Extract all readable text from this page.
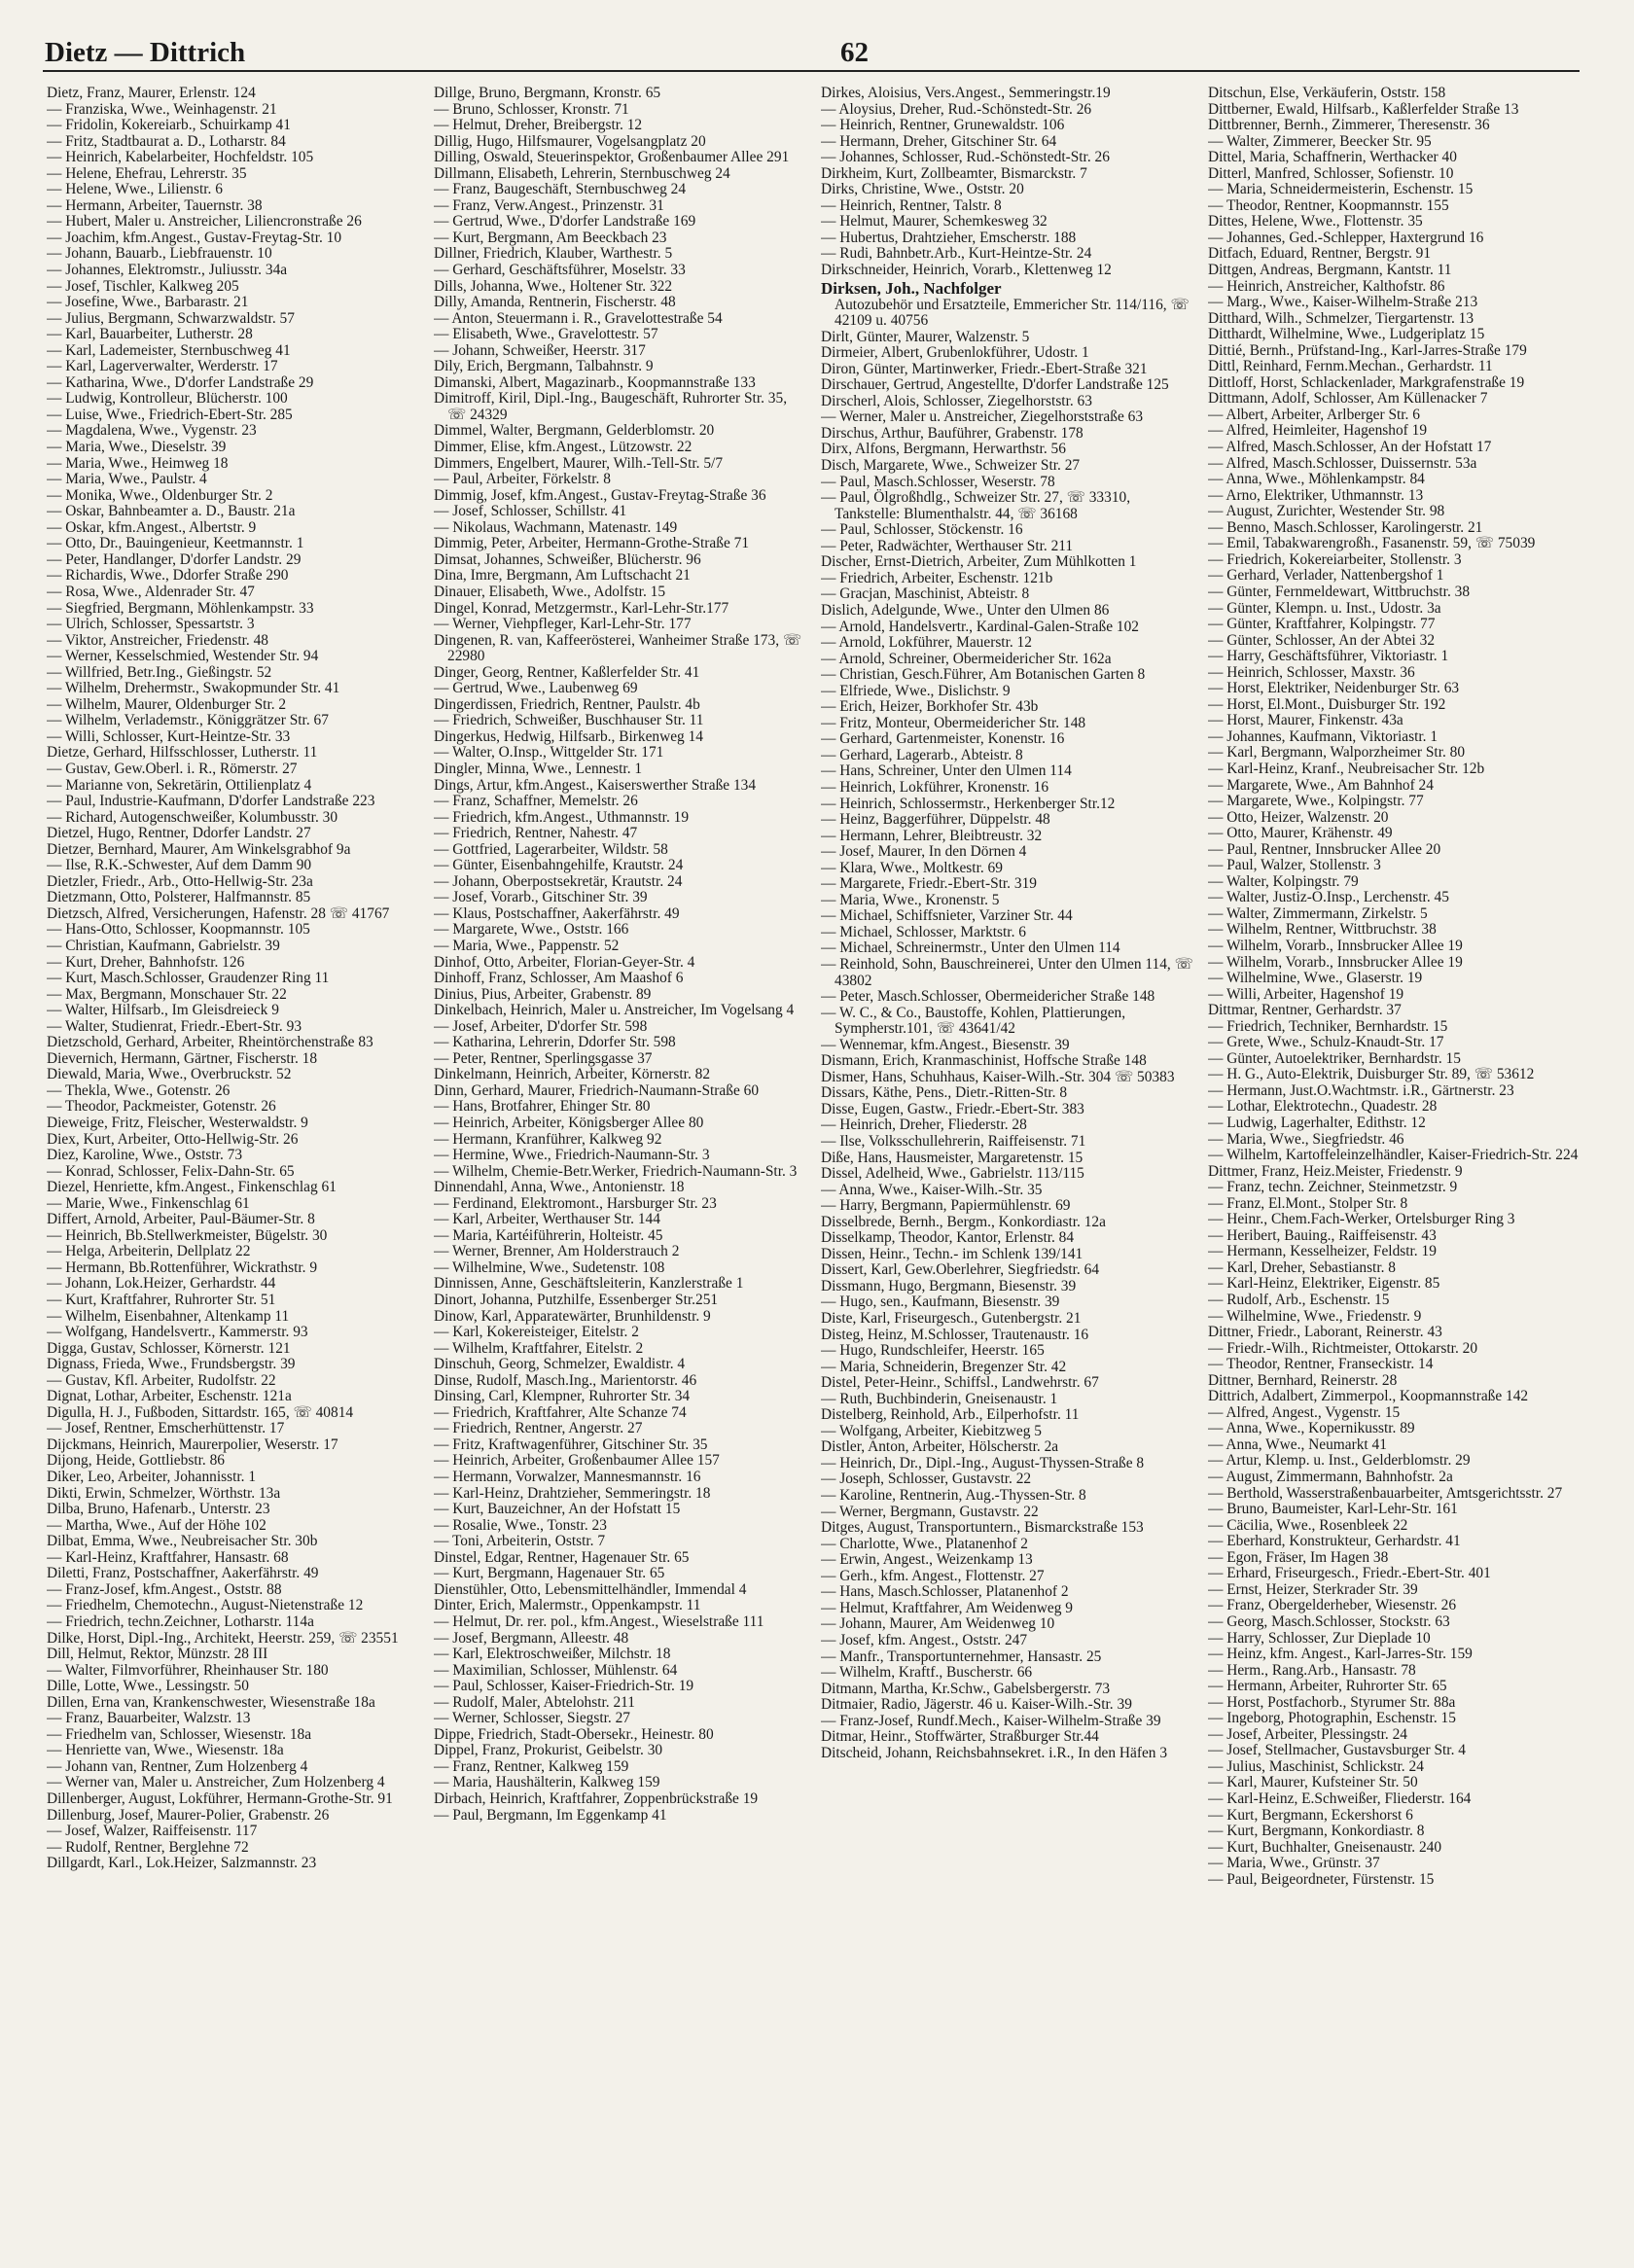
Dietz — Dittrich	62
Dietz, Franz, Maurer, Erlenstr. 124
— Franziska, Wwe., Weinhagenstr. 21
— Fridolin, Kokereiarb., Schuirkamp 41
— Fritz, Stadtbaurat a. D., Lotharstr. 84
— Heinrich, Kabelarbeiter, Hochfeldstr. 105
— Helene, Ehefrau, Lehrerstr. 35
— Helene, Wwe., Lilienstr. 6
— Hermann, Arbeiter, Tauernstr. 38
— Hubert, Maler u. Anstreicher, Liliencronstraße 26
— Joachim, kfm.Angest., Gustav-Freytag-Str. 10
— Johann, Bauarb., Liebfrauenstr. 10
— Johannes, Elektromstr., Juliusstr. 34a
— Josef, Tischler, Kalkweg 205
— Josefine, Wwe., Barbarastr. 21
— Julius, Bergmann, Schwarzwaldstr. 57
— Karl, Bauarbeiter, Lutherstr. 28
— Karl, Lademeister, Sternbuschweg 41
— Karl, Lagerverwalter, Werderstr. 17
— Katharina, Wwe., D'dorfer Landstraße 29
— Ludwig, Kontrolleur, Blücherstr. 100
— Luise, Wwe., Friedrich-Ebert-Str. 285
— Magdalena, Wwe., Vygenstr. 23
— Maria, Wwe., Dieselstr. 39
— Maria, Wwe., Heimweg 18
— Maria, Wwe., Paulstr. 4
— Monika, Wwe., Oldenburger Str. 2
— Oskar, Bahnbeamter a. D., Baustr. 21a
— Oskar, kfm.Angest., Albertstr. 9
— Otto, Dr., Bauingenieur, Keetmannstr. 1
— Peter, Handlanger, D'dorfer Landstr. 29
— Richardis, Wwe., Ddorfer Straße 290
— Rosa, Wwe., Aldenrader Str. 47
— Siegfried, Bergmann, Möhlenkampstr. 33
— Ulrich, Schlosser, Spessartstr. 3
— Viktor, Anstreicher, Friedenstr. 48
— Werner, Kesselschmied, Westender Str. 94
— Willfried, Betr.Ing., Gießingstr. 52
— Wilhelm, Drehermstr., Swakopmunder Str. 41
— Wilhelm, Maurer, Oldenburger Str. 2
— Wilhelm, Verlademstr., Königgrätzer Str. 67
— Willi, Schlosser, Kurt-Heintze-Str. 33
Dietze, Gerhard, Hilfsschlosser, Lutherstr. 11
— Gustav, Gew.Oberl. i. R., Römerstr. 27
— Marianne von, Sekretärin, Ottilienplatz 4
— Paul, Industrie-Kaufmann, D'dorfer Landstraße 223
— Richard, Autogenschweißer, Kolumbusstr. 30
Dietzel, Hugo, Rentner, Ddorfer Landstr. 27
Dietzer, Bernhard, Maurer, Am Winkelsgrabhof 9a
— Ilse, R.K.-Schwester, Auf dem Damm 90
Dietzler, Friedr., Arb., Otto-Hellwig-Str. 23a
Dietzmann, Otto, Polsterer, Halfmannstr. 85
Dietzsch, Alfred, Versicherungen, Hafenstr. 28 ☏ 41767
— Hans-Otto, Schlosser, Koopmannstr. 105
— Christian, Kaufmann, Gabrielstr. 39
— Kurt, Dreher, Bahnhofstr. 126
— Kurt, Masch.Schlosser, Graudenzer Ring 11
— Max, Bergmann, Monschauer Str. 22
— Walter, Hilfsarb., Im Gleisdreieck 9
— Walter, Studienrat, Friedr.-Ebert-Str. 93
Dietzschold, Gerhard, Arbeiter, Rheintörchenstraße 83
Dievernich, Hermann, Gärtner, Fischerstr. 18
Diewald, Maria, Wwe., Overbruckstr. 52
— Thekla, Wwe., Gotenstr. 26
— Theodor, Packmeister, Gotenstr. 26
Dieweige, Fritz, Fleischer, Westerwaldstr. 9
Diex, Kurt, Arbeiter, Otto-Hellwig-Str. 26
Diez, Karoline, Wwe., Oststr. 73
— Konrad, Schlosser, Felix-Dahn-Str. 65
Diezel, Henriette, kfm.Angest., Finkenschlag 61
— Marie, Wwe., Finkenschlag 61
Differt, Arnold, Arbeiter, Paul-Bäumer-Str. 8
— Heinrich, Bb.Stellwerkmeister, Bügelstr. 30
— Helga, Arbeiterin, Dellplatz 22
— Hermann, Bb.Rottenführer, Wickrathstr. 9
— Johann, Lok.Heizer, Gerhardstr. 44
— Kurt, Kraftfahrer, Ruhrorter Str. 51
— Wilhelm, Eisenbahner, Altenkamp 11
— Wolfgang, Handelsvertr., Kammerstr. 93
Digga, Gustav, Schlosser, Körnerstr. 121
Dignass, Frieda, Wwe., Frundsbergstr. 39
— Gustav, Kfl. Arbeiter, Rudolfstr. 22
Dignat, Lothar, Arbeiter, Eschenstr. 121a
Digulla, H. J., Fußboden, Sittardstr. 165, ☏ 40814
— Josef, Rentner, Emscherhüttenstr. 17
Dijckmans, Heinrich, Maurerpolier, Weserstr. 17
Dijong, Heide, Gottliebstr. 86
Diker, Leo, Arbeiter, Johannisstr. 1
Dikti, Erwin, Schmelzer, Wörthstr. 13a
Dilba, Bruno, Hafenarb., Unterstr. 23
— Martha, Wwe., Auf der Höhe 102
Dilbat, Emma, Wwe., Neubreisacher Str. 30b
— Karl-Heinz, Kraftfahrer, Hansastr. 68
Diletti, Franz, Postschaffner, Aakerfährstr. 49
— Franz-Josef, kfm.Angest., Oststr. 88
— Friedhelm, Chemotechn., August-Nietenstraße 12
— Friedrich, techn.Zeichner, Lotharstr. 114a
Dilke, Horst, Dipl.-Ing., Architekt, Heerstr. 259, ☏ 23551
Dill, Helmut, Rektor, Münzstr. 28 III
— Walter, Filmvorführer, Rheinhauser Str. 180
Dille, Lotte, Wwe., Lessingstr. 50
Dillen, Erna van, Krankenschwester, Wiesenstraße 18a
— Franz, Bauarbeiter, Walzstr. 13
— Friedhelm van, Schlosser, Wiesenstr. 18a
— Henriette van, Wwe., Wiesenstr. 18a
— Johann van, Rentner, Zum Holzenberg 4
— Werner van, Maler u. Anstreicher, Zum Holzenberg 4
Dillenberger, August, Lokführer, Hermann-Grothe-Str. 91
Dillenburg, Josef, Maurer-Polier, Grabenstr. 26
— Josef, Walzer, Raiffeisenstr. 117
— Rudolf, Rentner, Berglehne 72
Dillgardt, Karl., Lok.Heizer, Salzmannstr. 23
Dillge, Bruno, Bergmann, Kronstr. 65
— Bruno, Schlosser, Kronstr. 71
— Helmut, Dreher, Breibergstr. 12
Dillig, Hugo, Hilfsmaurer, Vogelsangplatz 20
Dilling, Oswald, Steuerinspektor, Großenbaumer Allee 291
Dillmann, Elisabeth, Lehrerin, Sternbuschweg 24
— Franz, Baugeschäft, Sternbuschweg 24
— Franz, Verw.Angest., Prinzenstr. 31
— Gertrud, Wwe., D'dorfer Landstraße 169
— Kurt, Bergmann, Am Beeckbach 23
Dillner, Friedrich, Klauber, Warthestr. 5
— Gerhard, Geschäftsführer, Moselstr. 33
Dills, Johanna, Wwe., Holtener Str. 322
Dilly, Amanda, Rentnerin, Fischerstr. 48
— Anton, Steuermann i. R., Gravelottestraße 54
— Elisabeth, Wwe., Gravelottestr. 57
— Johann, Schweißer, Heerstr. 317
Dily, Erich, Bergmann, Talbahnstr. 9
Dimanski, Albert, Magazinarb., Koopmannstraße 133
Dimitroff, Kiril, Dipl.-Ing., Baugeschäft, Ruhrorter Str. 35, ☏ 24329
Dimmel, Walter, Bergmann, Gelderblomstr. 20
Dimmer, Elise, kfm.Angest., Lützowstr. 22
Dimmers, Engelbert, Maurer, Wilh.-Tell-Str. 5/7
— Paul, Arbeiter, Förkelstr. 8
Dimmig, Josef, kfm.Angest., Gustav-Freytag-Straße 36
— Josef, Schlosser, Schillstr. 41
— Nikolaus, Wachmann, Matenastr. 149
Dimmig, Peter, Arbeiter, Hermann-Grothe-Straße 71
Dimsat, Johannes, Schweißer, Blücherstr. 96
Dina, Imre, Bergmann, Am Luftschacht 21
Dinauer, Elisabeth, Wwe., Adolfstr. 15
Dingel, Konrad, Metzgermstr., Karl-Lehr-Str.177
— Werner, Viehpfleger, Karl-Lehr-Str. 177
Dingenen, R. van, Kaffeerösterei, Wanheimer Straße 173, ☏ 22980
Dinger, Georg, Rentner, Kaßlerfelder Str. 41
— Gertrud, Wwe., Laubenweg 69
Dingerdissen, Friedrich, Rentner, Paulstr. 4b
— Friedrich, Schweißer, Buschhauser Str. 11
Dingerkus, Hedwig, Hilfsarb., Birkenweg 14
— Walter, O.Insp., Wittgelder Str. 171
Dingler, Minna, Wwe., Lennestr. 1
Dings, Artur, kfm.Angest., Kaiserswerther Straße 134
— Franz, Schaffner, Memelstr. 26
— Friedrich, kfm.Angest., Uthmannstr. 19
— Friedrich, Rentner, Nahestr. 47
— Gottfried, Lagerarbeiter, Wildstr. 58
— Günter, Eisenbahngehilfe, Krautstr. 24
— Johann, Oberpostsekretär, Krautstr. 24
— Josef, Vorarb., Gitschiner Str. 39
— Klaus, Postschaffner, Aakerfährstr. 49
— Margarete, Wwe., Oststr. 166
— Maria, Wwe., Pappenstr. 52
Dinhof, Otto, Arbeiter, Florian-Geyer-Str. 4
Dinhoff, Franz, Schlosser, Am Maashof 6
Dinius, Pius, Arbeiter, Grabenstr. 89
Dinkelbach, Heinrich, Maler u. Anstreicher, Im Vogelsang 4
— Josef, Arbeiter, D'dorfer Str. 598
— Katharina, Lehrerin, Ddorfer Str. 598
— Peter, Rentner, Sperlingsgasse 37
Dinkelmann, Heinrich, Arbeiter, Körnerstr. 82
Dinn, Gerhard, Maurer, Friedrich-Naumann-Straße 60
— Hans, Brotfahrer, Ehinger Str. 80
— Heinrich, Arbeiter, Königsberger Allee 80
— Hermann, Kranführer, Kalkweg 92
— Hermine, Wwe., Friedrich-Naumann-Str. 3
— Wilhelm, Chemie-Betr.Werker, Friedrich-Naumann-Str. 3
Dinnendahl, Anna, Wwe., Antonienstr. 18
— Ferdinand, Elektromont., Harsburger Str. 23
— Karl, Arbeiter, Werthauser Str. 144
— Maria, Kartéiführerin, Holteistr. 45
— Werner, Brenner, Am Holderstrauch 2
— Wilhelmine, Wwe., Sudetenstr. 108
Dinnissen, Anne, Geschäftsleiterin, Kanzlerstraße 1
Dinort, Johanna, Putzhilfe, Essenberger Str.251
Dinow, Karl, Apparatewärter, Brunhildenstr. 9
— Karl, Kokereisteiger, Eitelstr. 2
— Wilhelm, Kraftfahrer, Eitelstr. 2
Dinschuh, Georg, Schmelzer, Ewaldistr. 4
Dinse, Rudolf, Masch.Ing., Marientorstr. 46
Dinsing, Carl, Klempner, Ruhrorter Str. 34
— Friedrich, Kraftfahrer, Alte Schanze 74
— Friedrich, Rentner, Angerstr. 27
— Fritz, Kraftwagenführer, Gitschiner Str. 35
— Heinrich, Arbeiter, Großenbaumer Allee 157
— Hermann, Vorwalzer, Mannesmannstr. 16
— Karl-Heinz, Drahtzieher, Semmeringstr. 18
— Kurt, Bauzeichner, An der Hofstatt 15
— Rosalie, Wwe., Tonstr. 23
— Toni, Arbeiterin, Oststr. 7
Dinstel, Edgar, Rentner, Hagenauer Str. 65
— Kurt, Bergmann, Hagenauer Str. 65
Dienstühler, Otto, Lebensmittelhändler, Immendal 4
Dinter, Erich, Malermstr., Oppenkampstr. 11
— Helmut, Dr. rer. pol., kfm.Angest., Wieselstraße 111
— Josef, Bergmann, Alleestr. 48
— Karl, Elektroschweißer, Milchstr. 18
— Maximilian, Schlosser, Mühlenstr. 64
— Paul, Schlosser, Kaiser-Friedrich-Str. 19
— Rudolf, Maler, Abtelohstr. 211
— Werner, Schlosser, Siegstr. 27
Dippe, Friedrich, Stadt-Obersekr., Heinestr. 80
Dippel, Franz, Prokurist, Geibelstr. 30
— Franz, Rentner, Kalkweg 159
— Maria, Haushälterin, Kalkweg 159
Dirbach, Heinrich, Kraftfahrer, Zoppenbrückstraße 19
— Paul, Bergmann, Im Eggenkamp 41
Dirkes, Aloisius, Vers.Angest., Semmeringstr.19
— Aloysius, Dreher, Rud.-Schönstedt-Str. 26
— Heinrich, Rentner, Grunewaldstr. 106
— Hermann, Dreher, Gitschiner Str. 64
— Johannes, Schlosser, Rud.-Schönstedt-Str. 26
Dirkheim, Kurt, Zollbeamter, Bismarckstr. 7
Dirks, Christine, Wwe., Oststr. 20
— Heinrich, Rentner, Talstr. 8
— Helmut, Maurer, Schemkesweg 32
— Hubertus, Drahtzieher, Emscherstr. 188
— Rudi, Bahnbetr.Arb., Kurt-Heintze-Str. 24
Dirkschneider, Heinrich, Vorarb., Klettenweg 12
Dirksen, Joh., Nachfolger
Autozubehör und Ersatzteile, Emmericher Str. 114/116, ☏ 42109 u. 40756
Dirlt, Günter, Maurer, Walzenstr. 5
Dirmeier, Albert, Grubenlokführer, Udostr. 1
Diron, Günter, Martinwerker, Friedr.-Ebert-Straße 321
Dirschauer, Gertrud, Angestellte, D'dorfer Landstraße 125
Dirscherl, Alois, Schlosser, Ziegelhorststr. 63
— Werner, Maler u. Anstreicher, Ziegelhorststraße 63
Dirschus, Arthur, Bauführer, Grabenstr. 178
Dirx, Alfons, Bergmann, Herwarthstr. 56
Disch, Margarete, Wwe., Schweizer Str. 27
— Paul, Masch.Schlosser, Weserstr. 78
— Paul, Ölgroßhdlg., Schweizer Str. 27, ☏ 33310, Tankstelle: Blumenthalstr. 44, ☏ 36168
— Paul, Schlosser, Stöckenstr. 16
— Peter, Radwächter, Werthauser Str. 211
Discher, Ernst-Dietrich, Arbeiter, Zum Mühlkotten 1
— Friedrich, Arbeiter, Eschenstr. 121b
— Gracjan, Maschinist, Abteistr. 8
Dislich, Adelgunde, Wwe., Unter den Ulmen 86
— Arnold, Handelsvertr., Kardinal-Galen-Straße 102
— Arnold, Lokführer, Mauerstr. 12
— Arnold, Schreiner, Obermeidericher Str. 162a
— Christian, Gesch.Führer, Am Botanischen Garten 8
— Elfriede, Wwe., Dislichstr. 9
— Erich, Heizer, Borkhofer Str. 43b
— Fritz, Monteur, Obermeidericher Str. 148
— Gerhard, Gartenmeister, Konenstr. 16
— Gerhard, Lagerarb., Abteistr. 8
— Hans, Schreiner, Unter den Ulmen 114
— Heinrich, Lokführer, Kronenstr. 16
— Heinrich, Schlossermstr., Herkenberger Str.12
— Heinz, Baggerführer, Düppelstr. 48
— Hermann, Lehrer, Bleibtreustr. 32
— Josef, Maurer, In den Dörnen 4
— Klara, Wwe., Moltkestr. 69
— Margarete, Friedr.-Ebert-Str. 319
— Maria, Wwe., Kronenstr. 5
— Michael, Schiffsnieter, Varziner Str. 44
— Michael, Schlosser, Marktstr. 6
— Michael, Schreinermstr., Unter den Ulmen 114
— Reinhold, Sohn, Bauschreinerei, Unter den Ulmen 114, ☏ 43802
— Peter, Masch.Schlosser, Obermeidericher Straße 148
— W. C., & Co., Baustoffe, Kohlen, Plattierungen, Sympherstr.101, ☏ 43641/42
— Wennemar, kfm.Angest., Biesenstr. 39
Dismann, Erich, Kranmaschinist, Hoffsche Straße 148
Dismer, Hans, Schuhhaus, Kaiser-Wilh.-Str. 304 ☏ 50383
Dissars, Käthe, Pens., Dietr.-Ritten-Str. 8
Disse, Eugen, Gastw., Friedr.-Ebert-Str. 383
— Heinrich, Dreher, Fliederstr. 28
— Ilse, Volksschullehrerin, Raiffeisenstr. 71
Diße, Hans, Hausmeister, Margaretenstr. 15
Dissel, Adelheid, Wwe., Gabrielstr. 113/115
— Anna, Wwe., Kaiser-Wilh.-Str. 35
— Harry, Bergmann, Papiermühlenstr. 69
Disselbrede, Bernh., Bergm., Konkordiastr. 12a
Disselkamp, Theodor, Kantor, Erlenstr. 84
Dissen, Heinr., Techn.- im Schlenk 139/141
Dissert, Karl, Gew.Oberlehrer, Siegfriedstr. 64
Dissmann, Hugo, Bergmann, Biesenstr. 39
— Hugo, sen., Kaufmann, Biesenstr. 39
Diste, Karl, Friseurgesch., Gutenbergstr. 21
Disteg, Heinz, M.Schlosser, Trautenaustr. 16
— Hugo, Rundschleifer, Heerstr. 165
— Maria, Schneiderin, Bregenzer Str. 42
Distel, Peter-Heinr., Schiffsl., Landwehrstr. 67
— Ruth, Buchbinderin, Gneisenaustr. 1
Distelberg, Reinhold, Arb., Eilperhofstr. 11
— Wolfgang, Arbeiter, Kiebitzweg 5
Distler, Anton, Arbeiter, Hölscherstr. 2a
— Heinrich, Dr., Dipl.-Ing., August-Thyssen-Straße 8
— Joseph, Schlosser, Gustavstr. 22
— Karoline, Rentnerin, Aug.-Thyssen-Str. 8
— Werner, Bergmann, Gustavstr. 22
Ditges, August, Transportuntern., Bismarckstraße 153
— Charlotte, Wwe., Platanenhof 2
— Erwin, Angest., Weizenkamp 13
— Gerh., kfm. Angest., Flottenstr. 27
— Hans, Masch.Schlosser, Platanenhof 2
— Helmut, Kraftfahrer, Am Weidenweg 9
— Johann, Maurer, Am Weidenweg 10
— Josef, kfm. Angest., Oststr. 247
— Manfr., Transportunternehmer, Hansastr. 25
— Wilhelm, Kraftf., Buscherstr. 66
Ditmann, Martha, Kr.Schw., Gabelsbergerstr. 73
Ditmaier, Radio, Jägerstr. 46 u. Kaiser-Wilh.-Str. 39
— Franz-Josef, Rundf.Mech., Kaiser-Wilhelm-Straße 39
Ditmar, Heinr., Stoffwärter, Straßburger Str.44
Ditscheid, Johann, Reichsbahnsekret. i.R., In den Häfen 3
Ditschun, Else, Verkäuferin, Oststr. 158
Dittberner, Ewald, Hilfsarb., Kaßlerfelder Straße 13
Dittbrenner, Bernh., Zimmerer, Theresenstr. 36
— Walter, Zimmerer, Beecker Str. 95
Dittel, Maria, Schaffnerin, Werthacker 40
Ditterl, Manfred, Schlosser, Sofienstr. 10
— Maria, Schneidermeisterin, Eschenstr. 15
— Theodor, Rentner, Koopmannstr. 155
Dittes, Helene, Wwe., Flottenstr. 35
— Johannes, Ged.-Schlepper, Haxtergrund 16
Ditfach, Eduard, Rentner, Bergstr. 91
Dittgen, Andreas, Bergmann, Kantstr. 11
— Heinrich, Anstreicher, Kalthofstr. 86
— Marg., Wwe., Kaiser-Wilhelm-Straße 213
Ditthard, Wilh., Schmelzer, Tiergartenstr. 13
Ditthardt, Wilhelmine, Wwe., Ludgeriplatz 15
Dittié, Bernh., Prüfstand-Ing., Karl-Jarres-Straße 179
Dittl, Reinhard, Fernm.Mechan., Gerhardstr. 11
Dittloff, Horst, Schlackenlader, Markgrafenstraße 19
Dittmann, Adolf, Schlosser, Am Küllenacker 7
— Albert, Arbeiter, Arlberger Str. 6
— Alfred, Heimleiter, Hagenshof 19
— Alfred, Masch.Schlosser, An der Hofstatt 17
— Alfred, Masch.Schlosser, Duissernstr. 53a
— Anna, Wwe., Möhlenkampstr. 84
— Arno, Elektriker, Uthmannstr. 13
— August, Zurichter, Westender Str. 98
— Benno, Masch.Schlosser, Karolingerstr. 21
— Emil, Tabakwarengroßh., Fasanenstr. 59, ☏ 75039
— Friedrich, Kokereiarbeiter, Stollenstr. 3
— Gerhard, Verlader, Nattenbergshof 1
— Günter, Fernmeldewart, Wittbruchstr. 38
— Günter, Klempn. u. Inst., Udostr. 3a
— Günter, Kraftfahrer, Kolpingstr. 77
— Günter, Schlosser, An der Abtei 32
— Harry, Geschäftsführer, Viktoriastr. 1
— Heinrich, Schlosser, Maxstr. 36
— Horst, Elektriker, Neidenburger Str. 63
— Horst, El.Mont., Duisburger Str. 192
— Horst, Maurer, Finkenstr. 43a
— Johannes, Kaufmann, Viktoriastr. 1
— Karl, Bergmann, Walporzheimer Str. 80
— Karl-Heinz, Kranf., Neubreisacher Str. 12b
— Margarete, Wwe., Am Bahnhof 24
— Margarete, Wwe., Kolpingstr. 77
— Otto, Heizer, Walzenstr. 20
— Otto, Maurer, Krähenstr. 49
— Paul, Rentner, Innsbrucker Allee 20
— Paul, Walzer, Stollenstr. 3
— Walter, Kolpingstr. 79
— Walter, Justiz-O.Insp., Lerchenstr. 45
— Walter, Zimmermann, Zirkelstr. 5
— Wilhelm, Rentner, Wittbruchstr. 38
— Wilhelm, Vorarb., Innsbrucker Allee 19
— Wilhelm, Vorarb., Innsbrucker Allee 19
— Wilhelmine, Wwe., Glaserstr. 19
— Willi, Arbeiter, Hagenshof 19
Dittmar, Rentner, Gerhardstr. 37
— Friedrich, Techniker, Bernhardstr. 15
— Grete, Wwe., Schulz-Knaudt-Str. 17
— Günter, Autoelektriker, Bernhardstr. 15
— H. G., Auto-Elektrik, Duisburger Str. 89, ☏ 53612
— Hermann, Just.O.Wachtmstr. i.R., Gärtnerstr. 23
— Lothar, Elektrotechn., Quadestr. 28
— Ludwig, Lagerhalter, Edithstr. 12
— Maria, Wwe., Siegfriedstr. 46
— Wilhelm, Kartoffeleinzelhändler, Kaiser-Friedrich-Str. 224
Dittmer, Franz, Heiz.Meister, Friedenstr. 9
— Franz, techn. Zeichner, Steinmetzstr. 9
— Franz, El.Mont., Stolper Str. 8
— Heinr., Chem.Fach-Werker, Ortelsburger Ring 3
— Heribert, Bauing., Raiffeisenstr. 43
— Hermann, Kesselheizer, Feldstr. 19
— Karl, Dreher, Sebastianstr. 8
— Karl-Heinz, Elektriker, Eigenstr. 85
— Rudolf, Arb., Eschenstr. 15
— Wilhelmine, Wwe., Friedenstr. 9
Dittner, Friedr., Laborant, Reinerstr. 43
— Friedr.-Wilh., Richtmeister, Ottokarstr. 20
— Theodor, Rentner, Franseckistr. 14
Dittner, Bernhard, Reinerstr. 28
Dittrich, Adalbert, Zimmerpol., Koopmannstraße 142
— Alfred, Angest., Vygenstr. 15
— Anna, Wwe., Kopernikusstr. 89
— Anna, Wwe., Neumarkt 41
— Artur, Klemp. u. Inst., Gelderblomstr. 29
— August, Zimmermann, Bahnhofstr. 2a
— Berthold, Wasserstraßenbauarbeiter, Amtsgerichtsstr. 27
— Bruno, Baumeister, Karl-Lehr-Str. 161
— Cäcilia, Wwe., Rosenbleek 22
— Eberhard, Konstrukteur, Gerhardstr. 41
— Egon, Fräser, Im Hagen 38
— Erhard, Friseurgesch., Friedr.-Ebert-Str. 401
— Ernst, Heizer, Sterkrader Str. 39
— Franz, Obergelderheber, Wiesenstr. 26
— Georg, Masch.Schlosser, Stockstr. 63
— Harry, Schlosser, Zur Dieplade 10
— Heinz, kfm. Angest., Karl-Jarres-Str. 159
— Herm., Rang.Arb., Hansastr. 78
— Hermann, Arbeiter, Ruhrorter Str. 65
— Horst, Postfachorb., Styrumer Str. 88a
— Ingeborg, Photographin, Eschenstr. 15
— Josef, Arbeiter, Plessingstr. 24
— Josef, Stellmacher, Gustavsburger Str. 4
— Julius, Maschinist, Schlickstr. 24
— Karl, Maurer, Kufsteiner Str. 50
— Karl-Heinz, E.Schweißer, Fliederstr. 164
— Kurt, Bergmann, Eckershorst 6
— Kurt, Bergmann, Konkordiastr. 8
— Kurt, Buchhalter, Gneisenaustr. 240
— Maria, Wwe., Grünstr. 37
— Paul, Beigeordneter, Fürstenstr. 15
